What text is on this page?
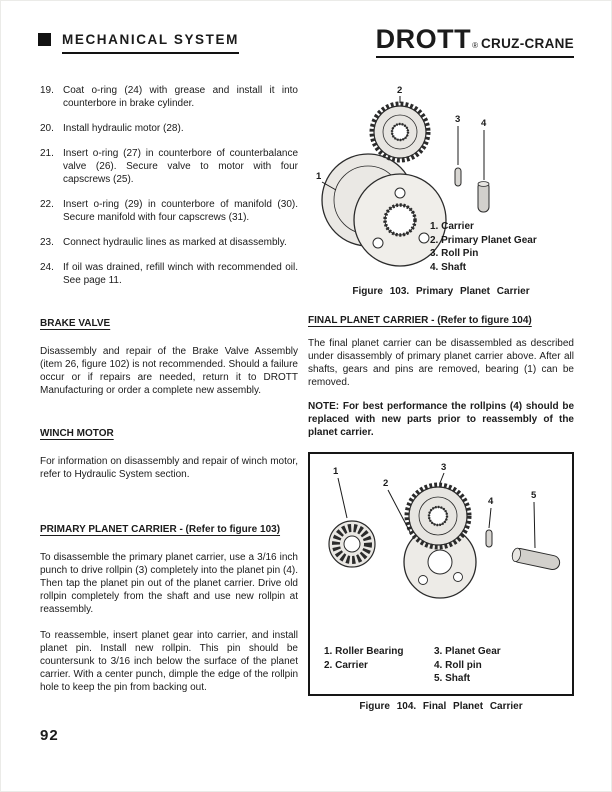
MECHANICAL SYSTEM	DROTT ® CRUZ-CRANE
19. Coat o-ring (24) with grease and install it into counterbore in brake cylinder.
20. Install hydraulic motor (28).
21. Insert o-ring (27) in counterbore of counterbalance valve (26). Secure valve to motor with four capscrews (25).
22. Insert o-ring (29) in counterbore of manifold (30). Secure manifold with four capscrews (31).
23. Connect hydraulic lines as marked at disassembly.
24. If oil was drained, refill winch with recommended oil. See page 11.
BRAKE VALVE

Disassembly and repair of the Brake Valve Assembly (item 26, figure 102) is not recommended. Should a failure occur or if repairs are needed, return it to DROTT Manufacturing or order a complete new assembly.

WINCH MOTOR

For information on disassembly and repair of winch motor, refer to Hydraulic System section.

PRIMARY PLANET CARRIER - (Refer to figure 103)

To disassemble the primary planet carrier, use a 3/16 inch punch to drive rollpin (3) completely into the planet pin (4). Then tap the planet pin out of the planet carrier. Drive old rollpin completely from the shaft and use new rollpin at reassembly.

To reassemble, insert planet gear into carrier, and install planet pin. Install new rollpin. This pin should be countersunk to 3/16 inch below the surface of the planet carrier. With a center punch, dimple the edge of the rollpin hole to keep the pin from backing out.

1
2
3 4
1. Carrier
2. Primary Planet Gear
3. Roll Pin
4. Shaft
Figure 103. Primary Planet Carrier
FINAL PLANET CARRIER - (Refer to figure 104)

The final planet carrier can be disassembled as described under disassembly of primary planet carrier above. After all shafts, gears and pins are removed, bearing (1) can be removed.

NOTE: For best performance the rollpins (4) should be replaced with new parts prior to reassembly of the planet carrier.

1
2
3
4
5
1. Roller Bearing
2. Carrier
3. Planet Gear
4. Roll pin
5. Shaft
Figure 104. Final Planet Carrier
92
